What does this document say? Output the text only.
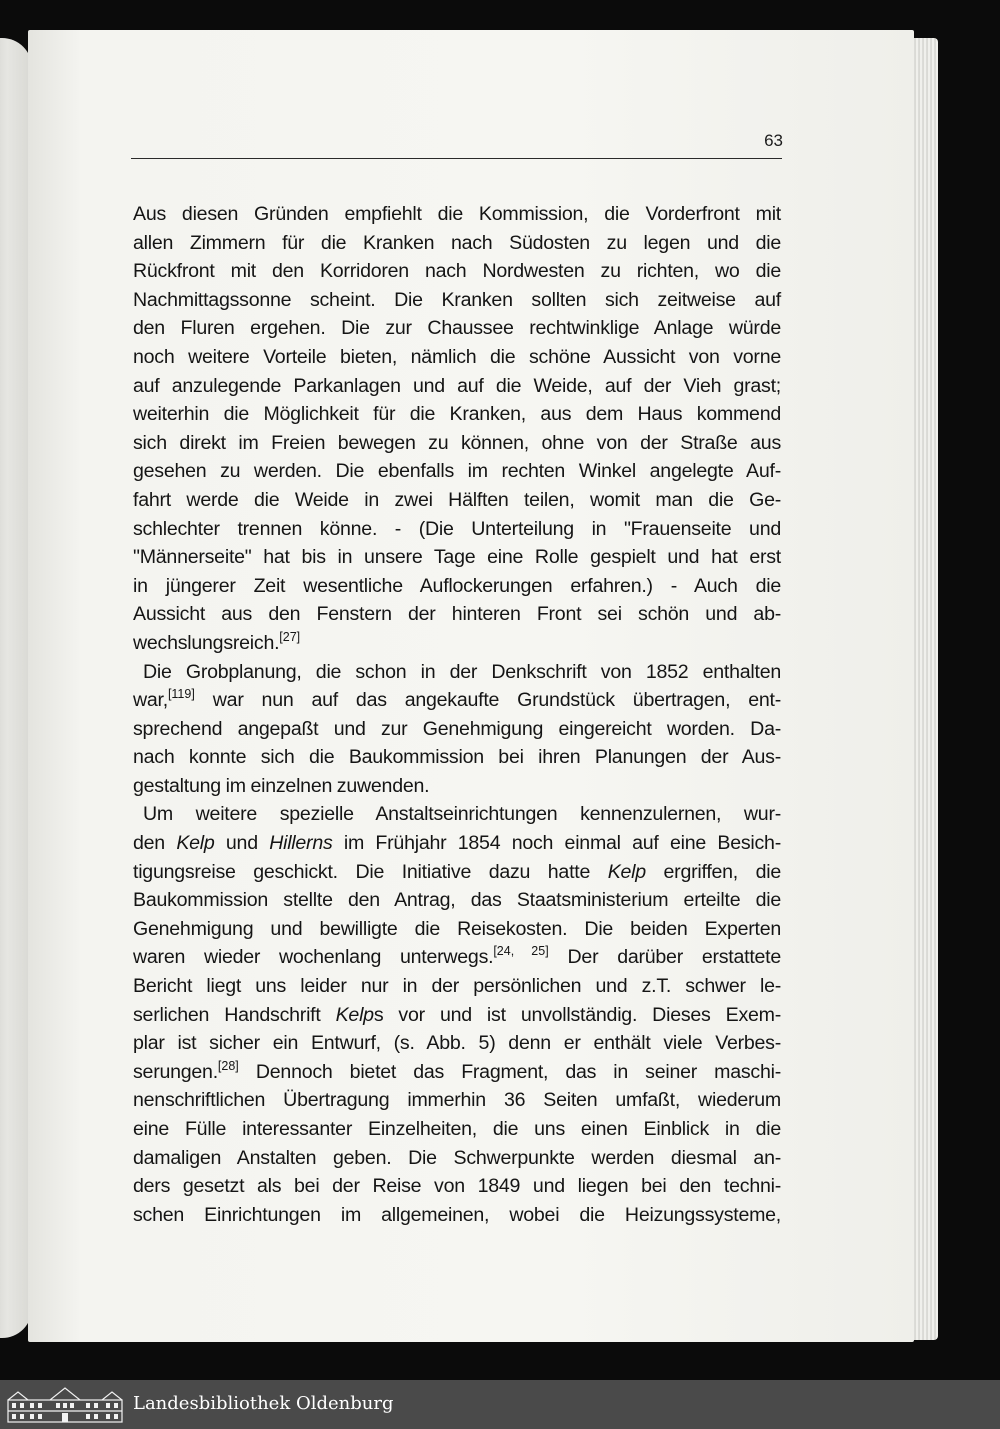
63
Aus diesen Gründen empfiehlt die Kommission, die Vorderfront mit
allen Zimmern für die Kranken nach Südosten zu legen und die
Rückfront mit den Korridoren nach Nordwesten zu richten, wo die
Nachmittagssonne scheint. Die Kranken sollten sich zeitweise auf
den Fluren ergehen. Die zur Chaussee rechtwinklige Anlage würde
noch weitere Vorteile bieten, nämlich die schöne Aussicht von vorne
auf anzulegende Parkanlagen und auf die Weide, auf der Vieh grast;
weiterhin die Möglichkeit für die Kranken, aus dem Haus kommend
sich direkt im Freien bewegen zu können, ohne von der Straße aus
gesehen zu werden. Die ebenfalls im rechten Winkel angelegte Auf-
fahrt werde die Weide in zwei Hälften teilen, womit man die Ge-
schlechter trennen könne. - (Die Unterteilung in "Frauenseite und
"Männerseite" hat bis in unsere Tage eine Rolle gespielt und hat erst
in jüngerer Zeit wesentliche Auflockerungen erfahren.) - Auch die
Aussicht aus den Fenstern der hinteren Front sei schön und ab-
wechslungsreich.[27]
Die Grobplanung, die schon in der Denkschrift von 1852 enthalten
war,[119] war nun auf das angekaufte Grundstück übertragen, ent-
sprechend angepaßt und zur Genehmigung eingereicht worden. Da-
nach konnte sich die Baukommission bei ihren Planungen der Aus-
gestaltung im einzelnen zuwenden.
Um weitere spezielle Anstaltseinrichtungen kennenzulernen, wur-
den Kelp und Hillerns im Frühjahr 1854 noch einmal auf eine Besich-
tigungsreise geschickt. Die Initiative dazu hatte Kelp ergriffen, die
Baukommission stellte den Antrag, das Staatsministerium erteilte die
Genehmigung und bewilligte die Reisekosten. Die beiden Experten
waren wieder wochenlang unterwegs.[24, 25] Der darüber erstattete
Bericht liegt uns leider nur in der persönlichen und z.T. schwer le-
serlichen Handschrift Kelps vor und ist unvollständig. Dieses Exem-
plar ist sicher ein Entwurf, (s. Abb. 5) denn er enthält viele Verbes-
serungen.[28] Dennoch bietet das Fragment, das in seiner maschi-
nenschriftlichen Übertragung immerhin 36 Seiten umfaßt, wiederum
eine Fülle interessanter Einzelheiten, die uns einen Einblick in die
damaligen Anstalten geben. Die Schwerpunkte werden diesmal an-
ders gesetzt als bei der Reise von 1849 und liegen bei den techni-
schen Einrichtungen im allgemeinen, wobei die Heizungssysteme,
Landesbibliothek Oldenburg
